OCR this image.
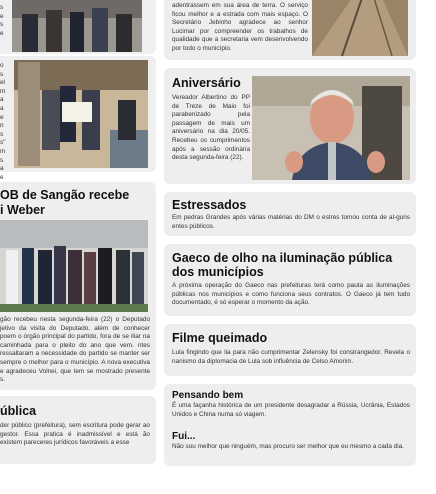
s
e
s
e
o
s
el
m
a
a
e
n
s
s"
m
s
a
e
adentrassem em sua área de terra. O serviço ficou melhor e a estrada com mais espaço. O Secretário Jebinho agradece ao senhor Lucimar por compreender os trabalhos de qualidade que a secretaria vem desenvolvendo por todo o município.
Aniversário
Vereador Albertino do PP de Treze de Maio foi parabenizado pela passagem de mais um aniversário na dia 20/05. Recebeu os cumprimentos após a sessão ordinária desta segunda-feira (22).
OB de Sangão recebe
i Weber
gão recebeu nesta segunda-feira (22) o Deputado jetivo da visita do Deputado, além de conhecer poem o órgão principal do partido, fora de se iliar na caminhada para o pleito do ano que vem. ntes ressaltaram a necessidade do partido se manter ser sempre o melhor para o município. A nova executiva e agradeceu Volnei, que tem se mostrado presente s.
ública
der público (prefeitura), sem escritura pode gerar ao gestor. Essa pratica é inadmissível e está ão existem pareceres jurídicos favoráveis a esse
Estressados
Em pedras Grandes após várias matérias do DM o estres tomou conta de al-guns entes públicos.
Gaeco de olho na iluminação pública dos municípios
A próxima operação do Gaeco nas prefeituras terá como pauta as iluminações públicas nos municípios e como funciona seus contratos. O Gaeco já tem tudo documentado, é só esperar o momento da ação.
Filme queimado
Lula fingindo que lia para não cumprimentar Zelensky foi constrangedor. Revela o nanismo da diplomacia de Lula sob influência de Celso Amorim.
Pensando bem
É uma façanha histórica de um presidente desagradar a Rússia, Ucrânia, Estados Unidos e China numa só viagem.
Fui...
Não sou melhor que ninguém, mas procuro ser melhor que eu mesmo a cada dia.
